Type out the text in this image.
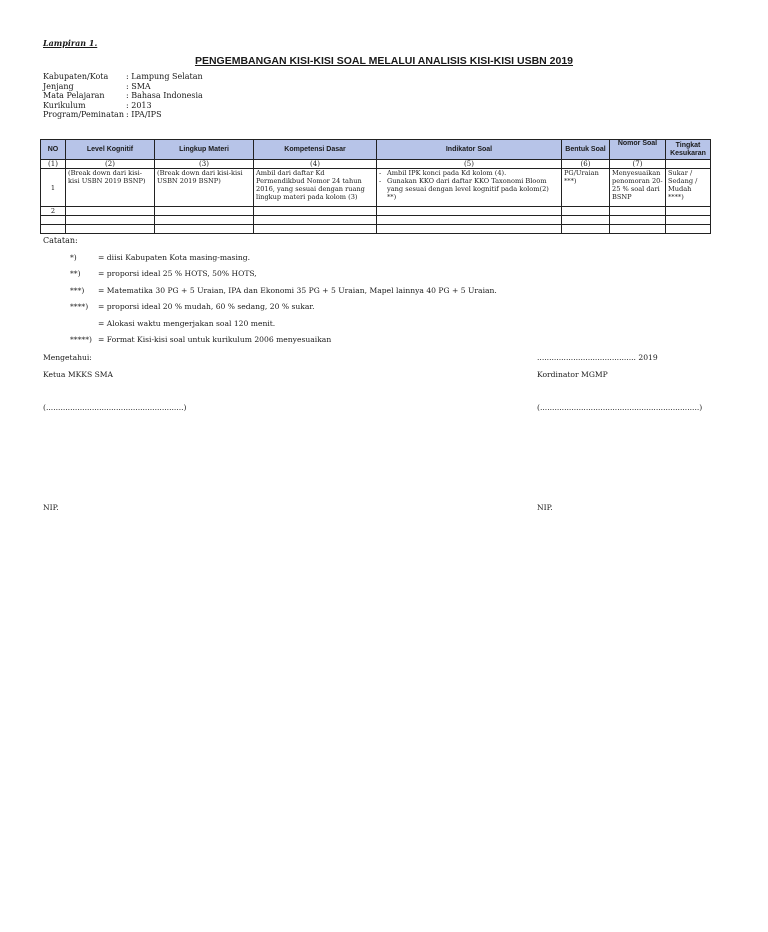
Lampiran 1.
PENGEMBANGAN KISI-KISI SOAL MELALUI ANALISIS KISI-KISI USBN 2019
Kabupaten/Kota	: Lampung Selatan
Jenjang	: SMA
Mata Pelajaran	: Bahasa Indonesia
Kurikulum	: 2013
Program/Peminatan : IPA/IPS
NO	Level Kognitif	Lingkup Materi	Kompetensi Dasar	Indikator Soal	Bentuk Soal	Nomor Soal	Tingkat Kesukaran
(1)	(2)	(3)	(4)	(5)	(6)	(7)	
1	(Break down dari kisi-kisi USBN 2019 BSNP)	(Break down dari kisi-kisi USBN 2019 BSNP)	Ambil dari daftar Kd Permendikbud Nomor 24 tahun 2016, yang sesuai dengan ruang lingkup materi pada kolom (3)	- Ambil IPK konci pada Kd kolom (4).
- Gunakan KKO dari daftar KKO Taxonomi Bloom yang sesuai dengan level kognitif pada kolom(2) **)	PG/Uraian ***)	Menyesuaikan penomoran 20-25 % soal dari BSNP	Sukar / Sedang / Mudah ****)
2							

Catatan:
*)	= diisi Kabupaten Kota masing-masing.
**) = proporsi ideal 25 % HOTS, 50% HOTS,
***) = Matematika 30 PG + 5 Uraian, IPA dan Ekonomi 35 PG + 5 Uraian, Mapel lainnya 40 PG + 5 Uraian.
****) = proporsi ideal 20 % mudah, 60 % sedang, 20 % sukar.
= Alokasi waktu mengerjakan soal 120 menit.
*****) = Format Kisi-kisi soal untuk kurikulum 2006 menyesuaikan
Mengetahui:	......................................... 2019
Ketua MKKS SMA	Kordinator MGMP
(.........................................................)	(..................................................................)
NIP.	NIP.
